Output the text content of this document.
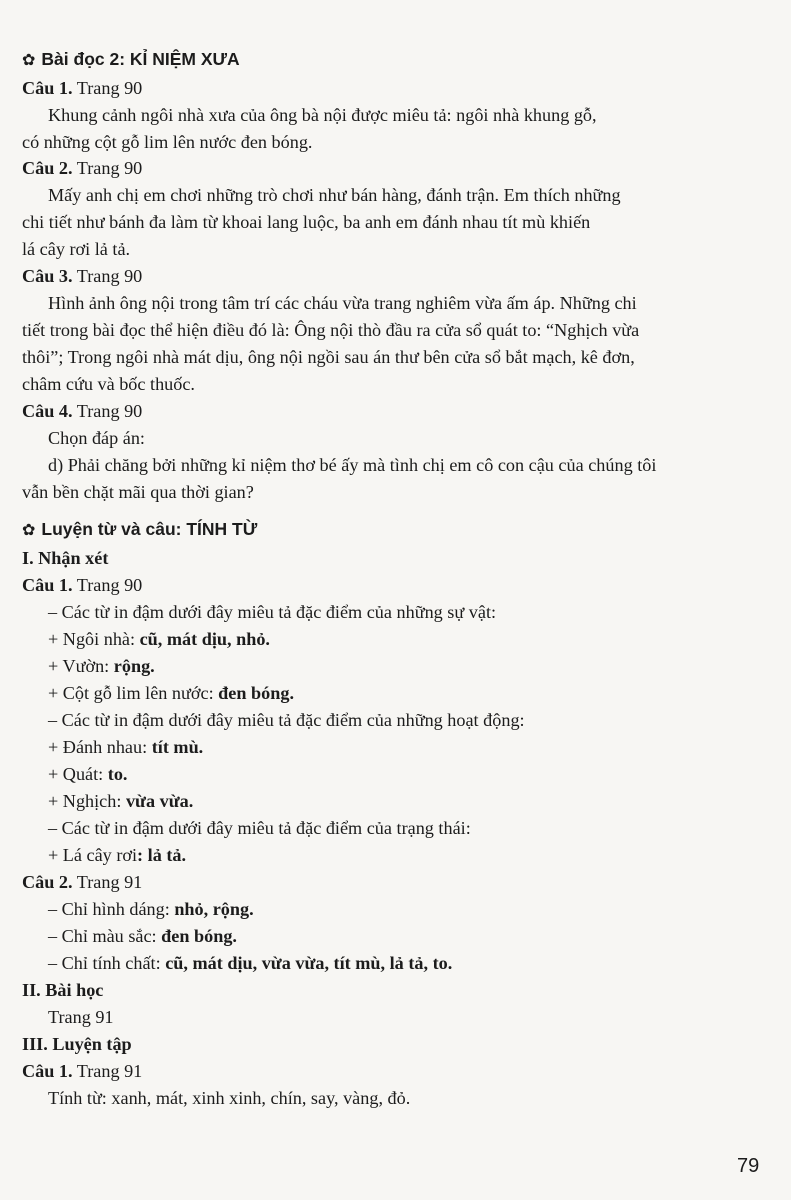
✿ Bài đọc 2: KỈ NIỆM XƯA
Câu 1. Trang 90
Khung cảnh ngôi nhà xưa của ông bà nội được miêu tả: ngôi nhà khung gỗ,
có những cột gỗ lim lên nước đen bóng.
Câu 2. Trang 90
Mấy anh chị em chơi những trò chơi như bán hàng, đánh trận. Em thích những
chi tiết như bánh đa làm từ khoai lang luộc, ba anh em đánh nhau tít mù khiến
lá cây rơi lả tả.
Câu 3. Trang 90
Hình ảnh ông nội trong tâm trí các cháu vừa trang nghiêm vừa ấm áp. Những chi
tiết trong bài đọc thể hiện điều đó là: Ông nội thò đầu ra cửa sổ quát to: “Nghịch vừa
thôi”; Trong ngôi nhà mát dịu, ông nội ngồi sau án thư bên cửa sổ bắt mạch, kê đơn,
châm cứu và bốc thuốc.
Câu 4. Trang 90
Chọn đáp án:
d) Phải chăng bởi những kỉ niệm thơ bé ấy mà tình chị em cô con cậu của chúng tôi
vẫn bền chặt mãi qua thời gian?
✿ Luyện từ và câu: TÍNH TỪ
I. Nhận xét
Câu 1. Trang 90
– Các từ in đậm dưới đây miêu tả đặc điểm của những sự vật:
+ Ngôi nhà: cũ, mát dịu, nhỏ.
+ Vườn: rộng.
+ Cột gỗ lim lên nước: đen bóng.
– Các từ in đậm dưới đây miêu tả đặc điểm của những hoạt động:
+ Đánh nhau: tít mù.
+ Quát: to.
+ Nghịch: vừa vừa.
– Các từ in đậm dưới đây miêu tả đặc điểm của trạng thái:
+ Lá cây rơi: lả tả.
Câu 2. Trang 91
– Chỉ hình dáng: nhỏ, rộng.
– Chỉ màu sắc: đen bóng.
– Chỉ tính chất: cũ, mát dịu, vừa vừa, tít mù, lả tả, to.
II. Bài học
Trang 91
III. Luyện tập
Câu 1. Trang 91
Tính từ: xanh, mát, xinh xinh, chín, say, vàng, đỏ.
79
